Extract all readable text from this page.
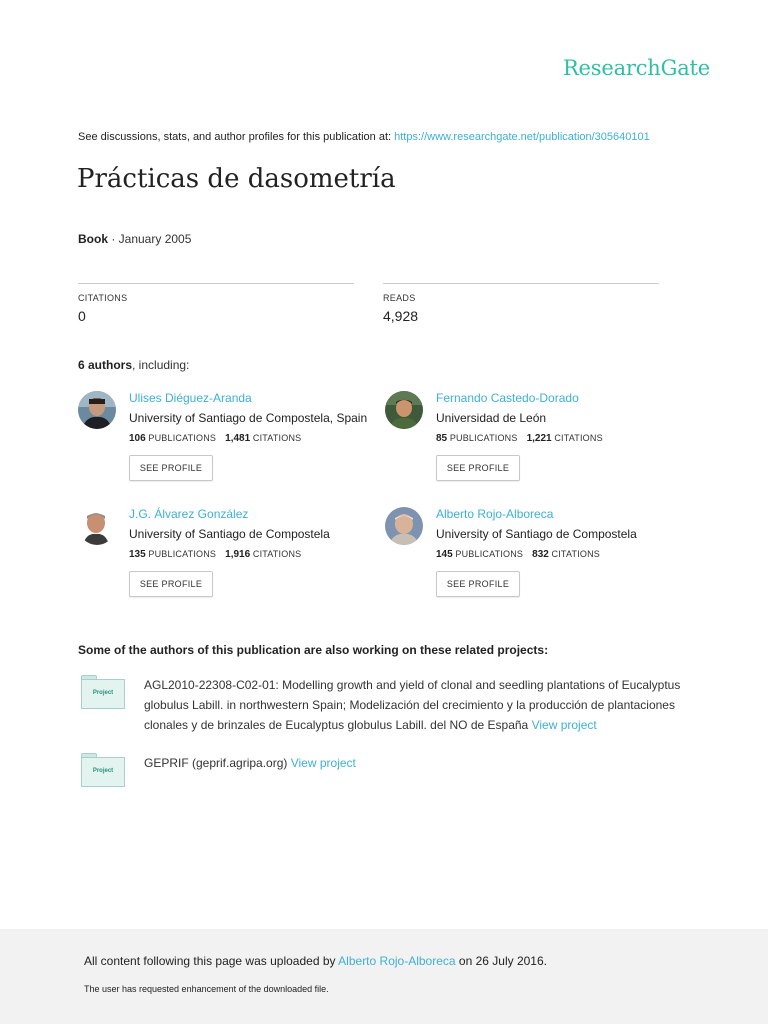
ResearchGate
See discussions, stats, and author profiles for this publication at: https://www.researchgate.net/publication/305640101
Prácticas de dasometría
Book · January 2005
CITATIONS
0
READS
4,928
6 authors, including:
Ulises Diéguez-Aranda
University of Santiago de Compostela, Spain
106 PUBLICATIONS 1,481 CITATIONS
SEE PROFILE
Fernando Castedo-Dorado
Universidad de León
85 PUBLICATIONS 1,221 CITATIONS
SEE PROFILE
J.G. Álvarez González
University of Santiago de Compostela
135 PUBLICATIONS 1,916 CITATIONS
SEE PROFILE
Alberto Rojo-Alboreca
University of Santiago de Compostela
145 PUBLICATIONS 832 CITATIONS
SEE PROFILE
Some of the authors of this publication are also working on these related projects:
Project
AGL2010-22308-C02-01: Modelling growth and yield of clonal and seedling plantations of Eucalyptus globulus Labill. in northwestern Spain; Modelización del crecimiento y la producción de plantaciones clonales y de brinzales de Eucalyptus globulus Labill. del NO de España View project
Project
GEPRIF (geprif.agripa.org) View project
All content following this page was uploaded by Alberto Rojo-Alboreca on 26 July 2016.
The user has requested enhancement of the downloaded file.
